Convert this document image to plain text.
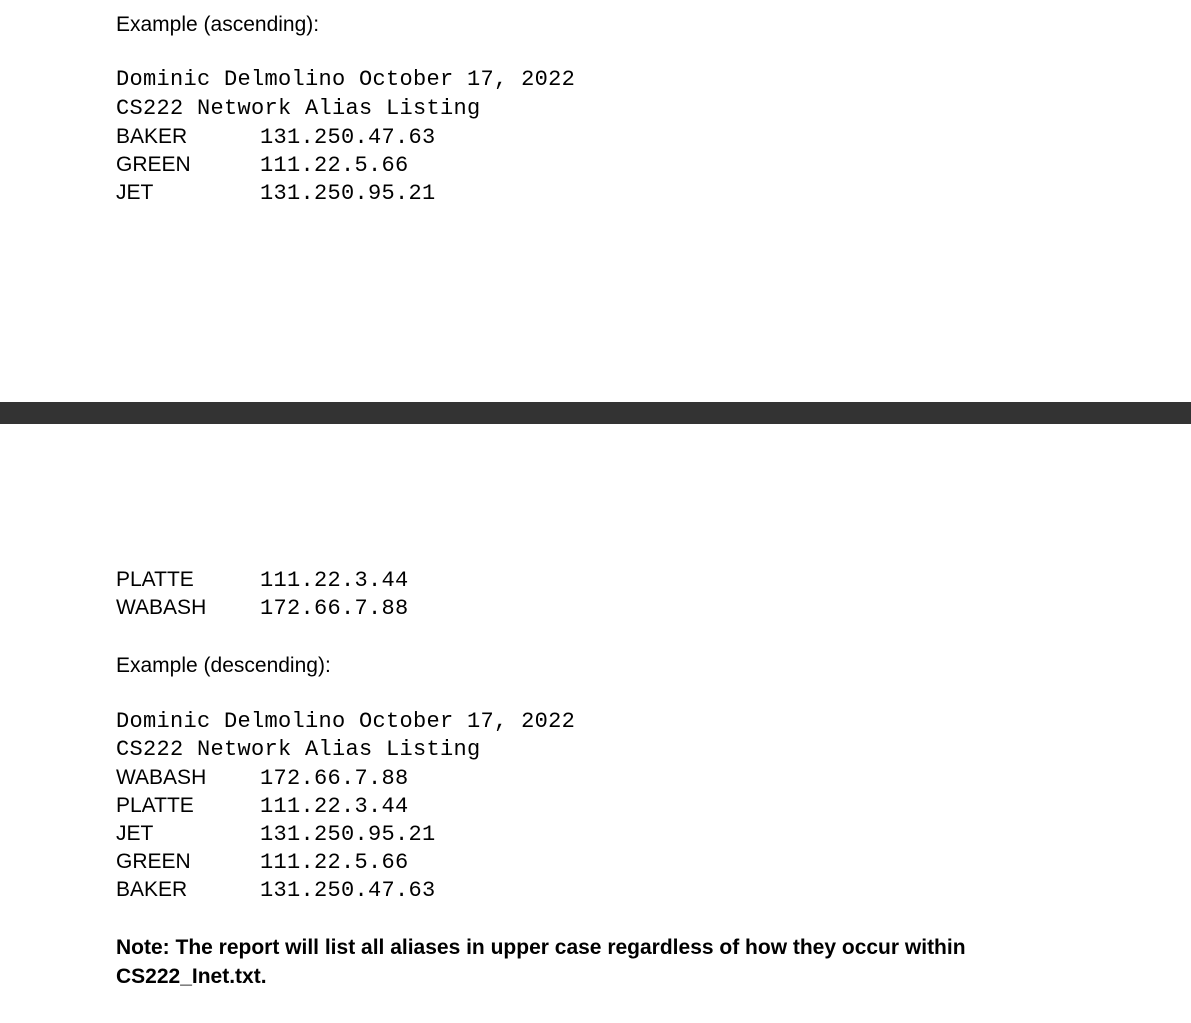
Example (ascending):

Dominic Delmolino October 17, 2022

CS222 Network Alias Listing

BAKER	131.250.47.63
GREEN	111.22.5.66
JET	131.250.95.21
PLATTE	111.22.3.44
WABASH 172.66.7.88

Example (descending):

Dominic Delmolino October 17, 2022

CS222 Network Alias Listing

WABASH 172.66.7.88
PLATTE	111.22.3.44
JET	131.250.95.21
GREEN	111.22.5.66
BAKER	131.250.47.63

Note: The report will list all aliases in upper case regardless of how they occur within

CS222_Inet.txt.
